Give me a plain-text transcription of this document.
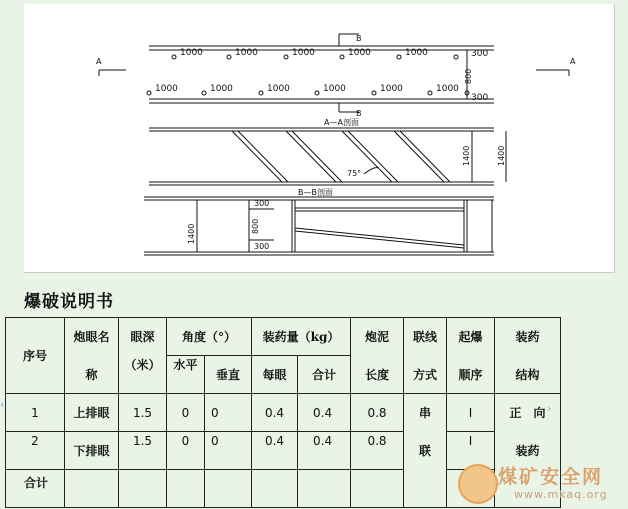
1000	1000	1000	1000	1000
1000	1000	1000	1000	1000	1000
B
B
A	A
300
300
800
A—A剖面
1400	1400
75°
B—B剖面
300
800
300
1400
爆破说明书
序号	炮眼名	眼深	角度（°）		装药量（kg）		炮泥	联线	起爆	装药
	称	（米）	水平	垂直	每眼	合计	长度	方式	顺序	结构
1	上排眼	1.5	0	0	0.4	0.4	0.8	串	Ⅰ	正　向
2	下排眼	1.5	0	0	0.4	0.4	0.8	联	Ⅰ	装药
合计										
‹	›
煤矿安全网
www.mkaq.org
